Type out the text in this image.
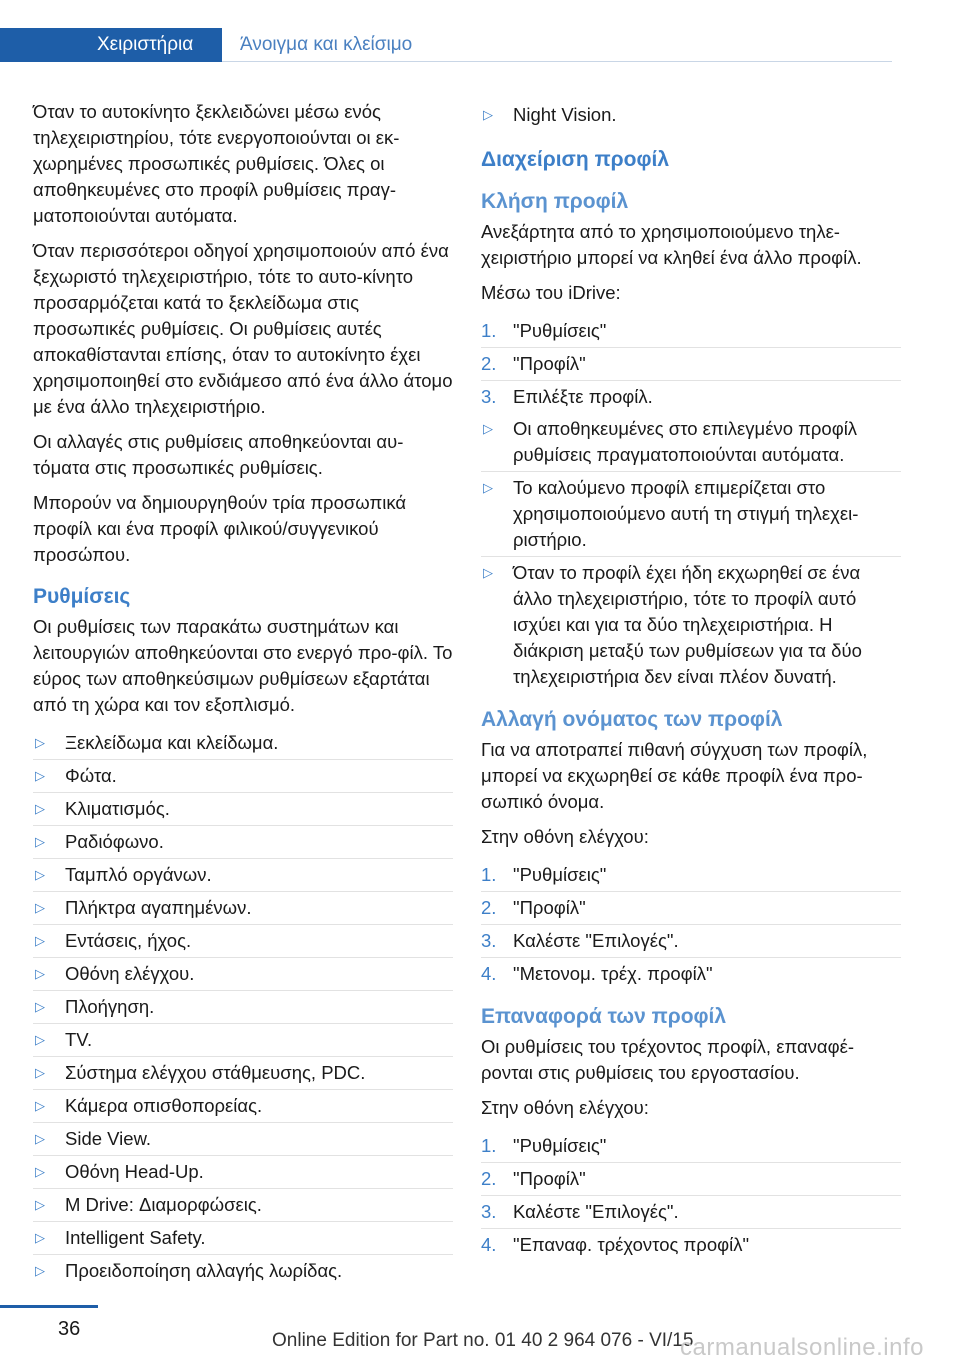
Χειριστήρια	Άνοιγμα και κλείσιμο

Όταν το αυτοκίνητο ξεκλειδώνει μέσω ενός τηλεχειριστηρίου, τότε ενεργοποιούνται οι εκ-χωρημένες προσωπικές ρυθμίσεις. Όλες οι αποθηκευμένες στο προφίλ ρυθμίσεις πραγ-ματοποιούνται αυτόματα.

Όταν περισσότεροι οδηγοί χρησιμοποιούν από ένα ξεχωριστό τηλεχειριστήριο, τότε το αυτο-κίνητο προσαρμόζεται κατά το ξεκλείδωμα στις προσωπικές ρυθμίσεις. Οι ρυθμίσεις αυτές αποκαθίστανται επίσης, όταν το αυτοκίνητο έχει χρησιμοποιηθεί στο ενδιάμεσο από ένα άλλο άτομο με ένα άλλο τηλεχειριστήριο.

Οι αλλαγές στις ρυθμίσεις αποθηκεύονται αυ-τόματα στις προσωπικές ρυθμίσεις.

Μπορούν να δημιουργηθούν τρία προσωπικά προφίλ και ένα προφίλ φιλικού/συγγενικού προσώπου.

Ρυθμίσεις

Οι ρυθμίσεις των παρακάτω συστημάτων και λειτουργιών αποθηκεύονται στο ενεργό προ-φίλ. Το εύρος των αποθηκεύσιμων ρυθμίσεων εξαρτάται από τη χώρα και τον εξοπλισμό.

▷ Ξεκλείδωμα και κλείδωμα.
▷ Φώτα.
▷ Κλιματισμός.
▷ Ραδιόφωνο.
▷ Ταμπλό οργάνων.
▷ Πλήκτρα αγαπημένων.
▷ Εντάσεις, ήχος.
▷ Οθόνη ελέγχου.
▷ Πλοήγηση.
▷ TV.
▷ Σύστημα ελέγχου στάθμευσης, PDC.
▷ Κάμερα οπισθοπορείας.
▷ Side View.
▷ Οθόνη Head-Up.
▷ M Drive: Διαμορφώσεις.
▷ Intelligent Safety.
▷ Προειδοποίηση αλλαγής λωρίδας.
▷ Night Vision.
Διαχείριση προφίλ
Κλήση προφίλ

Ανεξάρτητα από το χρησιμοποιούμενο τηλε-χειριστήριο μπορεί να κληθεί ένα άλλο προφίλ.

Μέσω του iDrive:

1. "Ρυθμίσεις"
2. "Προφίλ"
3. Επιλέξτε προφίλ.
▷ Οι αποθηκευμένες στο επιλεγμένο προφίλ ρυθμίσεις πραγματοποιούνται αυτόματα.
▷ Το καλούμενο προφίλ επιμερίζεται στο χρησιμοποιούμενο αυτή τη στιγμή τηλεχει-ριστήριο.
▷ Όταν το προφίλ έχει ήδη εκχωρηθεί σε ένα άλλο τηλεχειριστήριο, τότε το προφίλ αυτό ισχύει και για τα δύο τηλεχειριστήρια. Η διάκριση μεταξύ των ρυθμίσεων για τα δύο τηλεχειριστήρια δεν είναι πλέον δυνατή.
Αλλαγή ονόματος των προφίλ

Για να αποτραπεί πιθανή σύγχυση των προφίλ, μπορεί να εκχωρηθεί σε κάθε προφίλ ένα προ-σωπικό όνομα.

Στην οθόνη ελέγχου:

1. "Ρυθμίσεις"
2. "Προφίλ"
3. Καλέστε "Επιλογές".
4. "Μετονομ. τρέχ. προφίλ"
Επαναφορά των προφίλ

Οι ρυθμίσεις του τρέχοντος προφίλ, επαναφέ-ρονται στις ρυθμίσεις του εργοστασίου.

Στην οθόνη ελέγχου:

1. "Ρυθμίσεις"
2. "Προφίλ"
3. Καλέστε "Επιλογές".
4. "Επαναφ. τρέχοντος προφίλ"
36
Online Edition for Part no. 01 40 2 964 076 - VI/15
carmanualsonline.info
